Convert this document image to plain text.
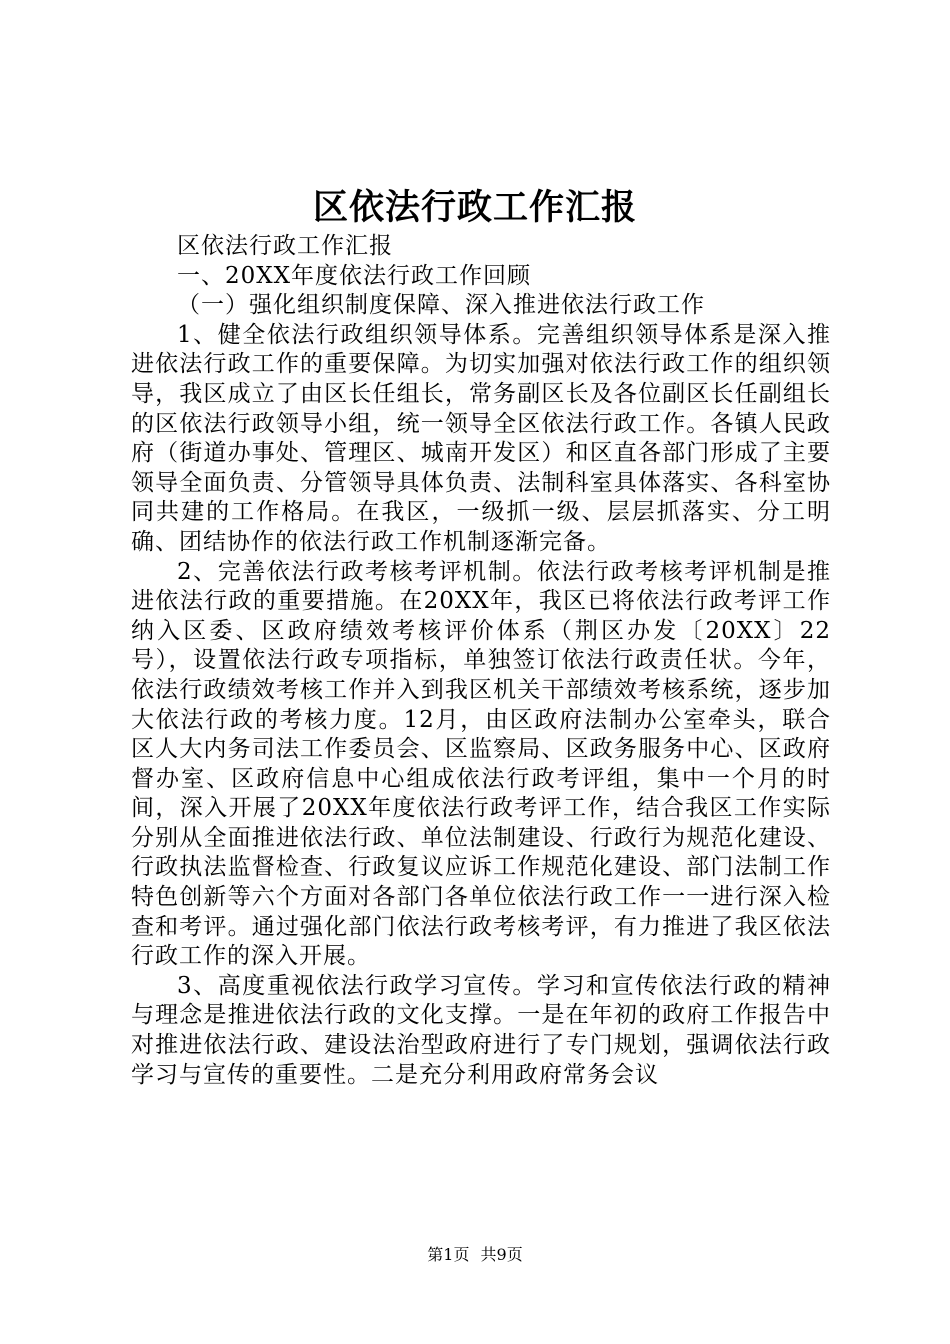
区依法行政工作汇报

区依法行政工作汇报

一、20XX年度依法行政工作回顾

（一）强化组织制度保障、深入推进依法行政工作

1、健全依法行政组织领导体系。完善组织领导体系是深入推进依法行政工作的重要保障。为切实加强对依法行政工作的组织领导，我区成立了由区长任组长，常务副区长及各位副区长任副组长的区依法行政领导小组，统一领导全区依法行政工作。各镇人民政府（街道办事处、管理区、城南开发区）和区直各部门形成了主要领导全面负责、分管领导具体负责、法制科室具体落实、各科室协同共建的工作格局。在我区，一级抓一级、层层抓落实、分工明确、团结协作的依法行政工作机制逐渐完备。

2、完善依法行政考核考评机制。依法行政考核考评机制是推进依法行政的重要措施。在20XX年，我区已将依法行政考评工作纳入区委、区政府绩效考核评价体系（荆区办发〔20XX〕22号），设置依法行政专项指标，单独签订依法行政责任状。今年，依法行政绩效考核工作并入到我区机关干部绩效考核系统，逐步加大依法行政的考核力度。12月，由区政府法制办公室牵头，联合区人大内务司法工作委员会、区监察局、区政务服务中心、区政府督办室、区政府信息中心组成依法行政考评组，集中一个月的时间，深入开展了20XX年度依法行政考评工作，结合我区工作实际分别从全面推进依法行政、单位法制建设、行政行为规范化建设、行政执法监督检查、行政复议应诉工作规范化建设、部门法制工作特色创新等六个方面对各部门各单位依法行政工作一一进行深入检查和考评。通过强化部门依法行政考核考评，有力推进了我区依法行政工作的深入开展。

3、高度重视依法行政学习宣传。学习和宣传依法行政的精神与理念是推进依法行政的文化支撑。一是在年初的政府工作报告中对推进依法行政、建设法治型政府进行了专门规划，强调依法行政学习与宣传的重要性。二是充分利用政府常务会议

第1页 共9页
